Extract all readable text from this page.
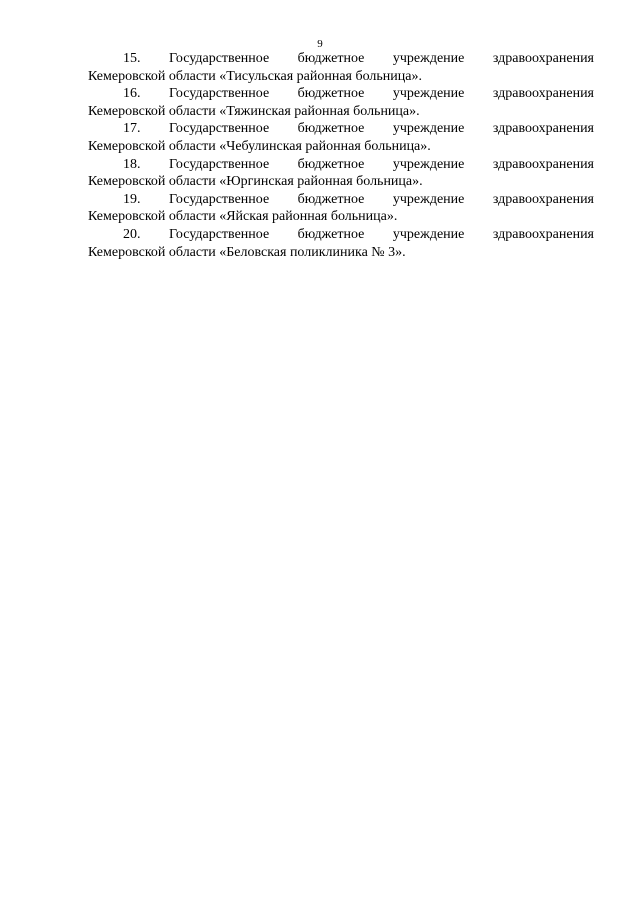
9
15. Государственное бюджетное учреждение здравоохранения
Кемеровской области «Тисульская районная больница».
16. Государственное бюджетное учреждение здравоохранения
Кемеровской области «Тяжинская районная больница».
17. Государственное бюджетное учреждение здравоохранения
Кемеровской области «Чебулинская районная больница».
18. Государственное бюджетное учреждение здравоохранения
Кемеровской области «Юргинская районная больница».
19. Государственное бюджетное учреждение здравоохранения
Кемеровской области «Яйская районная больница».
20. Государственное бюджетное учреждение здравоохранения
Кемеровской области «Беловская поликлиника № 3».
